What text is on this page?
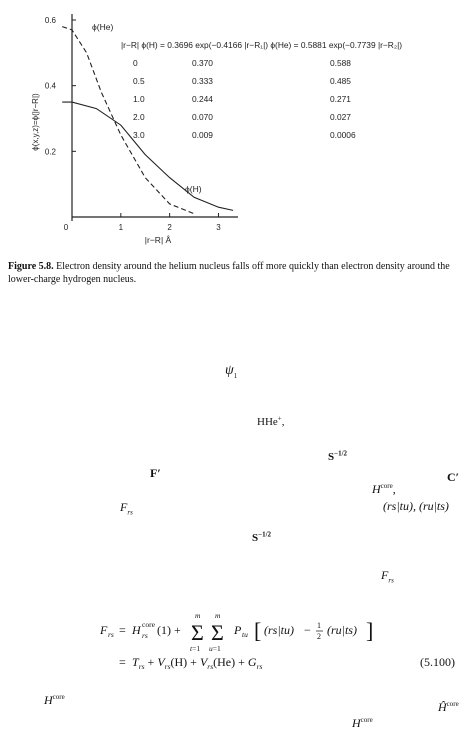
0.6
0.4
0.2
0	1	2	3
ϕ(He)
ϕ(H)
|r−R| Å
ϕ(x,y,z)=ϕ(|r−R|)
|r−R| ϕ(H) = 0.3696 exp(−0.4166 |r−R₁|) ϕ(He) = 0.5881 exp(−0.7739 |r−R₂|)
0	0.370	0.588
0.5	0.333	0.485
1.0	0.244	0.271
2.0	0.070	0.027
3.0	0.009	0.0006
Figure 5.8. Electron density around the helium nucleus falls off more quickly than electron density around the lower-charge hydrogen nucleus.
$\psi_1$
HHe+,
$S^{-1/2}$
F′	C′
$H^{core}$,
$F_{rs}$	(rs|tu), (ru|ts)
$S^{-1/2}$
$F_{rs}$
F rs = H core
rs (1) + Σ
m
t=1
Σ
m
u=1
P tu [ (rs|tu) − 1
2 (ru|ts) ]
= $T_{rs} + V_{rs}(H) + V_{rs}(He) + G_{rs}$	(5.100)
$H^{core}$
$Ĥ^{core}$
$H^{core}$
